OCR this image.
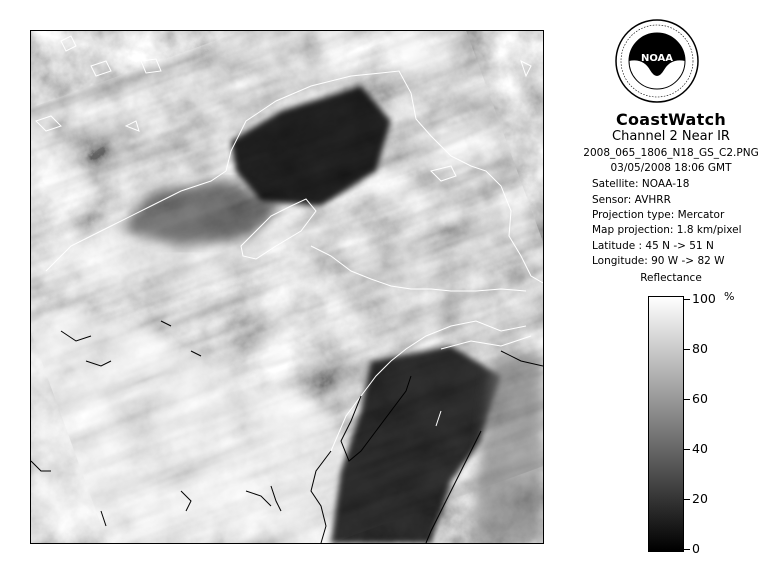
NOAA
CoastWatch
Channel 2 Near IR
2008_065_1806_N18_GS_C2.PNG
03/05/2008 18:06 GMT
Satellite: NOAA-18
Sensor: AVHRR
Projection type: Mercator
Map projection: 1.8 km/pixel
Latitude : 45 N -> 51 N
Longitude: 90 W -> 82 W
Reflectance
%
100
80
60
40
20
0
